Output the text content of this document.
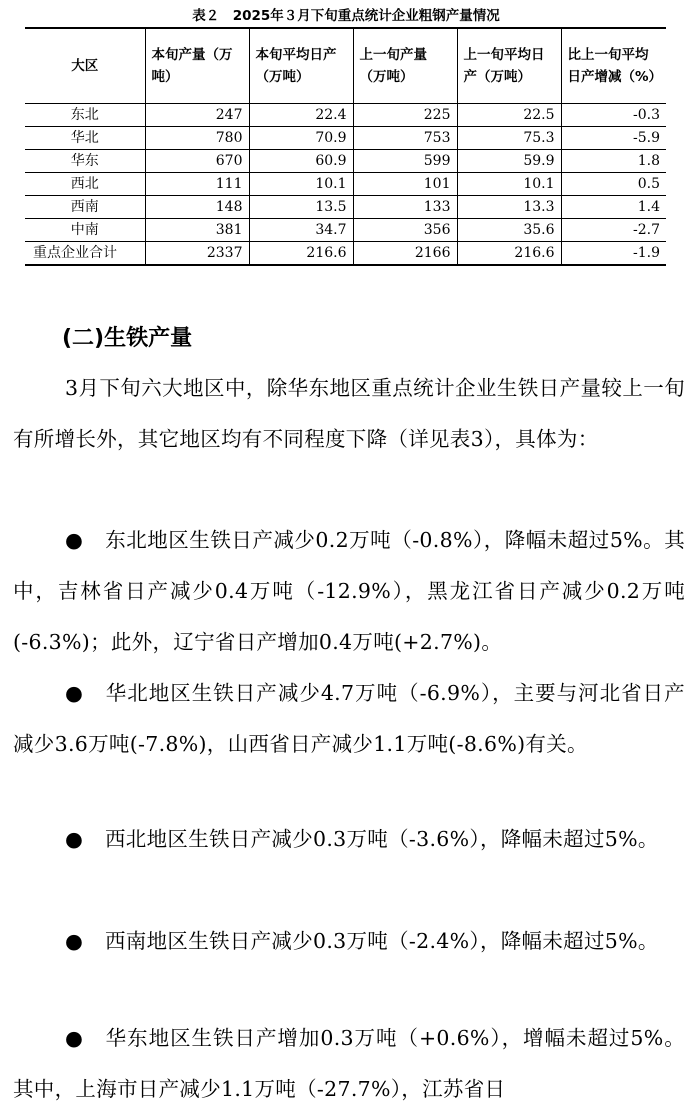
表２　2025年３月下旬重点统计企业粗钢产量情况
大区	本旬产量（万吨）	本旬平均日产（万吨）	上一旬产量（万吨）	上一旬平均日产（万吨）	比上一旬平均日产增减（%）
东北	247	22.4	225	22.5	-0.3
华北	780	70.9	753	75.3	-5.9
华东	670	60.9	599	59.9	1.8
西北	111	10.1	101	10.1	0.5
西南	148	13.5	133	13.3	1.4
中南	381	34.7	356	35.6	-2.7
重点企业合计	2337	216.6	2166	216.6	-1.9
(二)生铁产量

3月下旬六大地区中，除华东地区重点统计企业生铁日产量较上一旬有所增长外，其它地区均有不同程度下降（详见表3），具体为：

● 东北地区生铁日产减少0.2万吨（-0.8%），降幅未超过5%。其中，吉林省日产减少0.4万吨（-12.9%），黑龙江省日产减少0.2万吨(-6.3%)；此外，辽宁省日产增加0.4万吨(+2.7%)。

● 华北地区生铁日产减少4.7万吨（-6.9%），主要与河北省日产减少3.6万吨(-7.8%)，山西省日产减少1.1万吨(-8.6%)有关。

● 西北地区生铁日产减少0.3万吨（-3.6%），降幅未超过5%。

● 西南地区生铁日产减少0.3万吨（-2.4%），降幅未超过5%。

● 华东地区生铁日产增加0.3万吨（+0.6%），增幅未超过5%。其中，上海市日产减少1.1万吨（-27.7%），江苏省日
